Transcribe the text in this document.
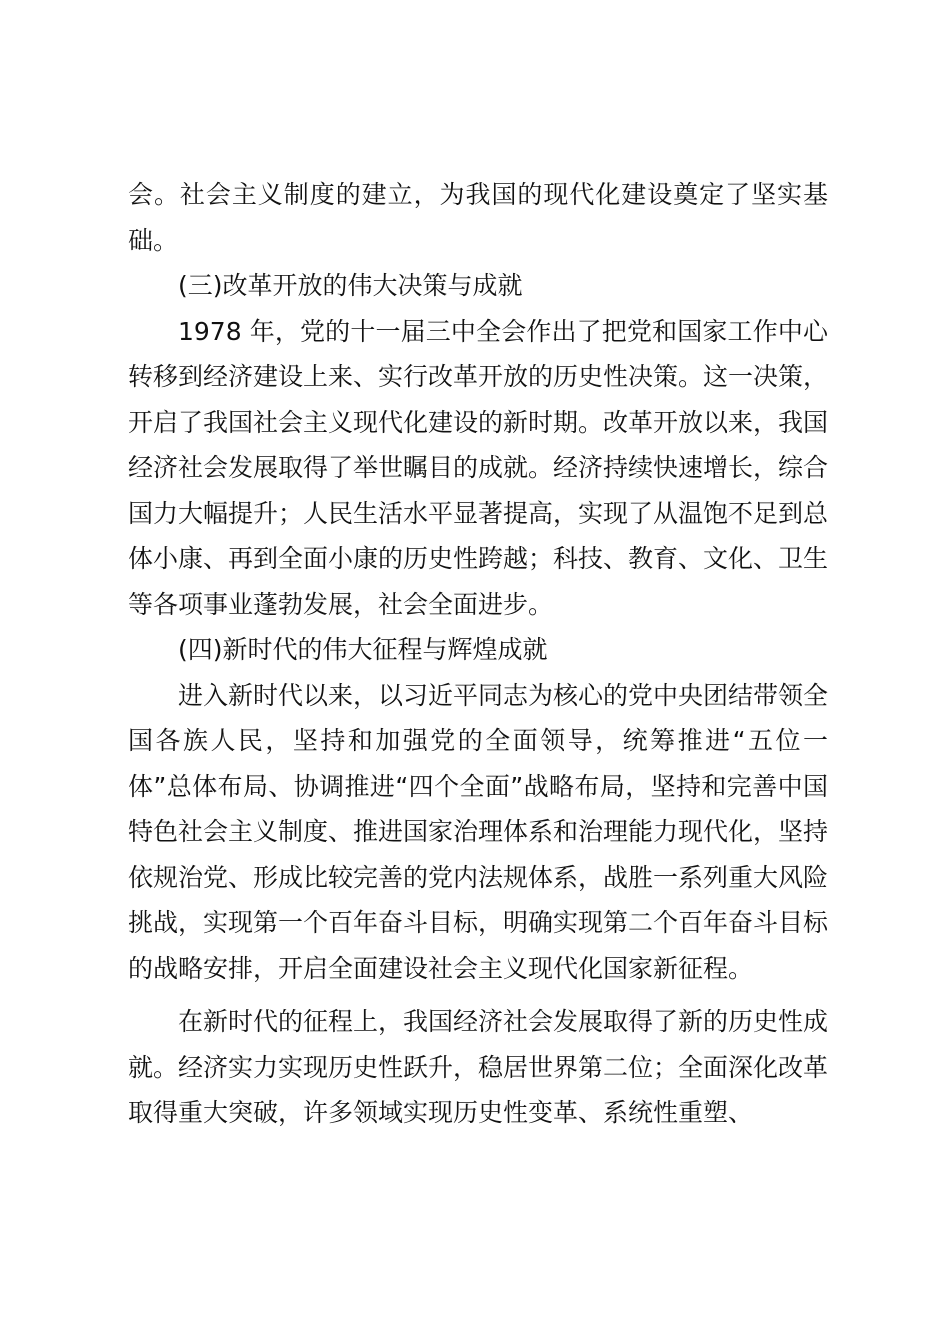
会。社会主义制度的建立，为我国的现代化建设奠定了坚实基础。

(三)改革开放的伟大决策与成就

1978 年，党的十一届三中全会作出了把党和国家工作中心转移到经济建设上来、实行改革开放的历史性决策。这一决策，开启了我国社会主义现代化建设的新时期。改革开放以来，我国经济社会发展取得了举世瞩目的成就。经济持续快速增长，综合国力大幅提升；人民生活水平显著提高，实现了从温饱不足到总体小康、再到全面小康的历史性跨越；科技、教育、文化、卫生等各项事业蓬勃发展，社会全面进步。

(四)新时代的伟大征程与辉煌成就

进入新时代以来，以习近平同志为核心的党中央团结带领全国各族人民，坚持和加强党的全面领导，统筹推进“五位一体”总体布局、协调推进“四个全面”战略布局，坚持和完善中国特色社会主义制度、推进国家治理体系和治理能力现代化，坚持依规治党、形成比较完善的党内法规体系，战胜一系列重大风险挑战，实现第一个百年奋斗目标，明确实现第二个百年奋斗目标的战略安排，开启全面建设社会主义现代化国家新征程。

在新时代的征程上，我国经济社会发展取得了新的历史性成就。经济实力实现历史性跃升，稳居世界第二位；全面深化改革取得重大突破，许多领域实现历史性变革、系统性重塑、
